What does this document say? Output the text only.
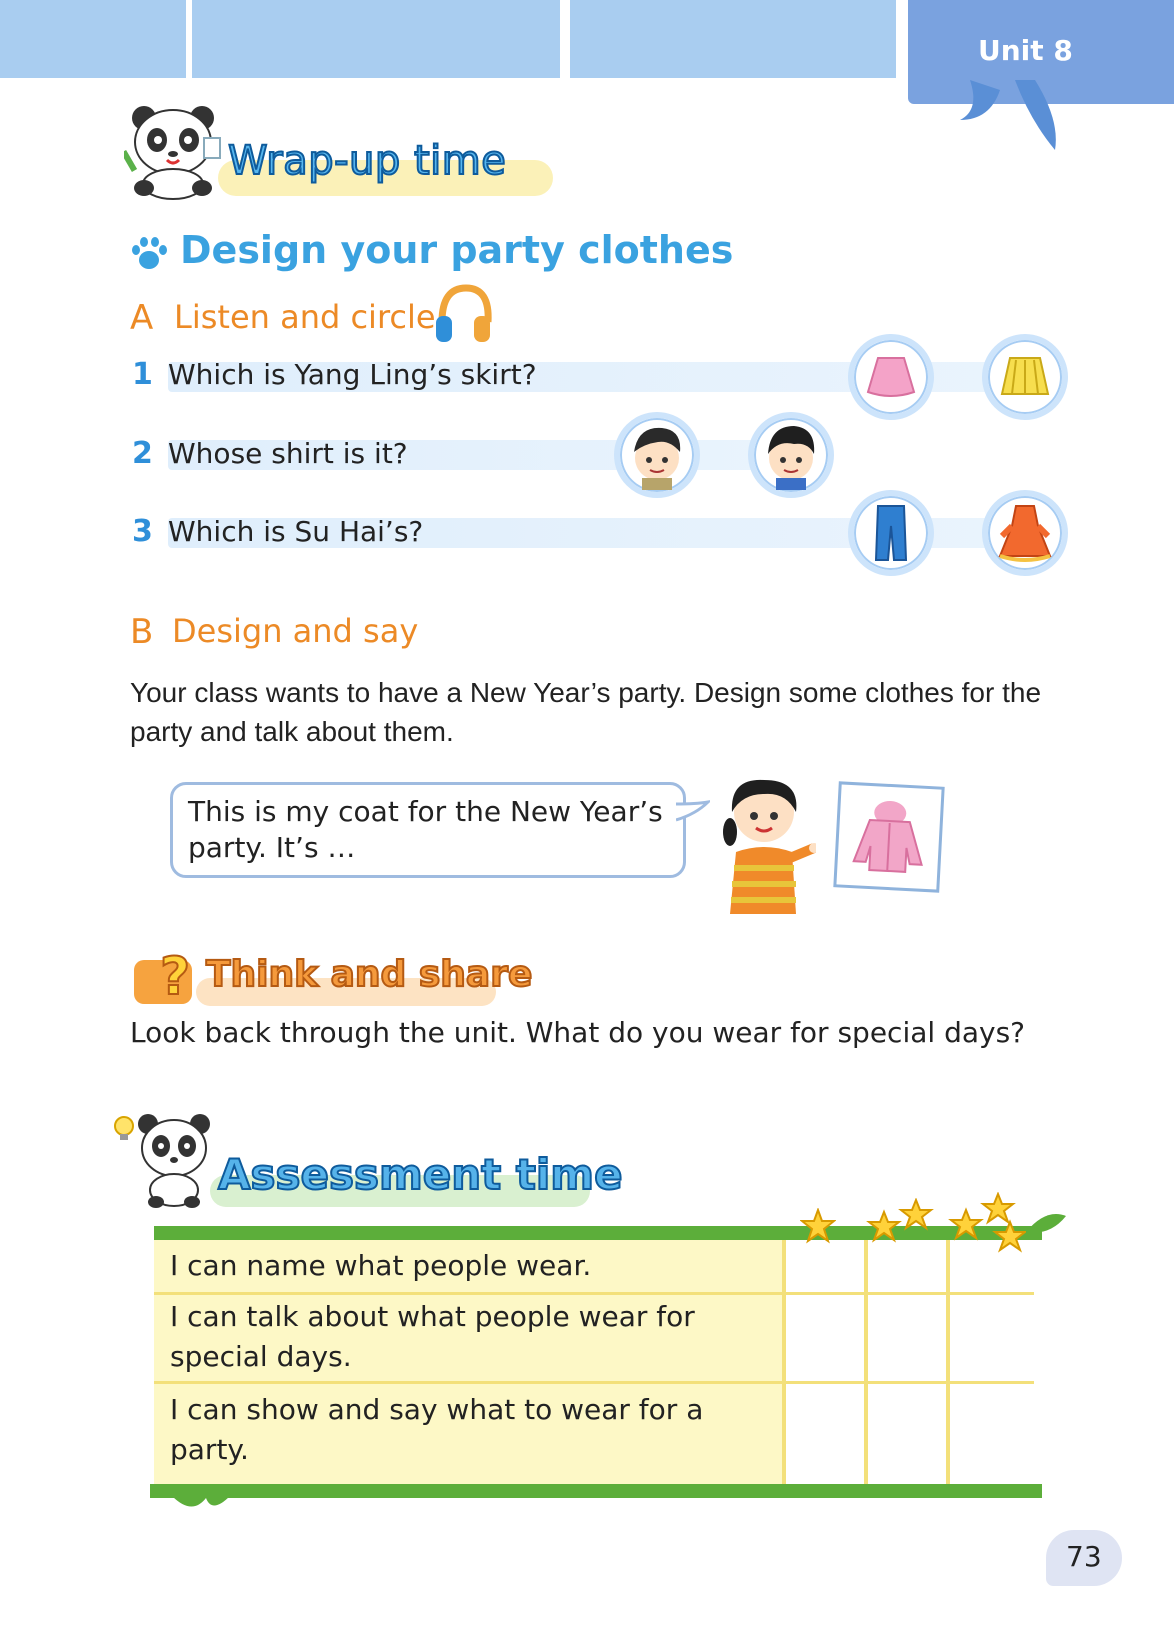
Unit 8
Wrap-up time
Design your party clothes
A Listen and circle
1 Which is Yang Ling’s skirt?
2 Whose shirt is it?
3 Which is Su Hai’s?
B Design and say
Your class wants to have a New Year’s party. Design some clothes for the party and talk about them.
This is my coat for the New Year’s
party. It’s …
? Think and share
Look back through the unit. What do you wear for special days?
Assessment time
I can name what people wear.
I can talk about what people wear for
special days.
I can show and say what to wear for a
party.
73
